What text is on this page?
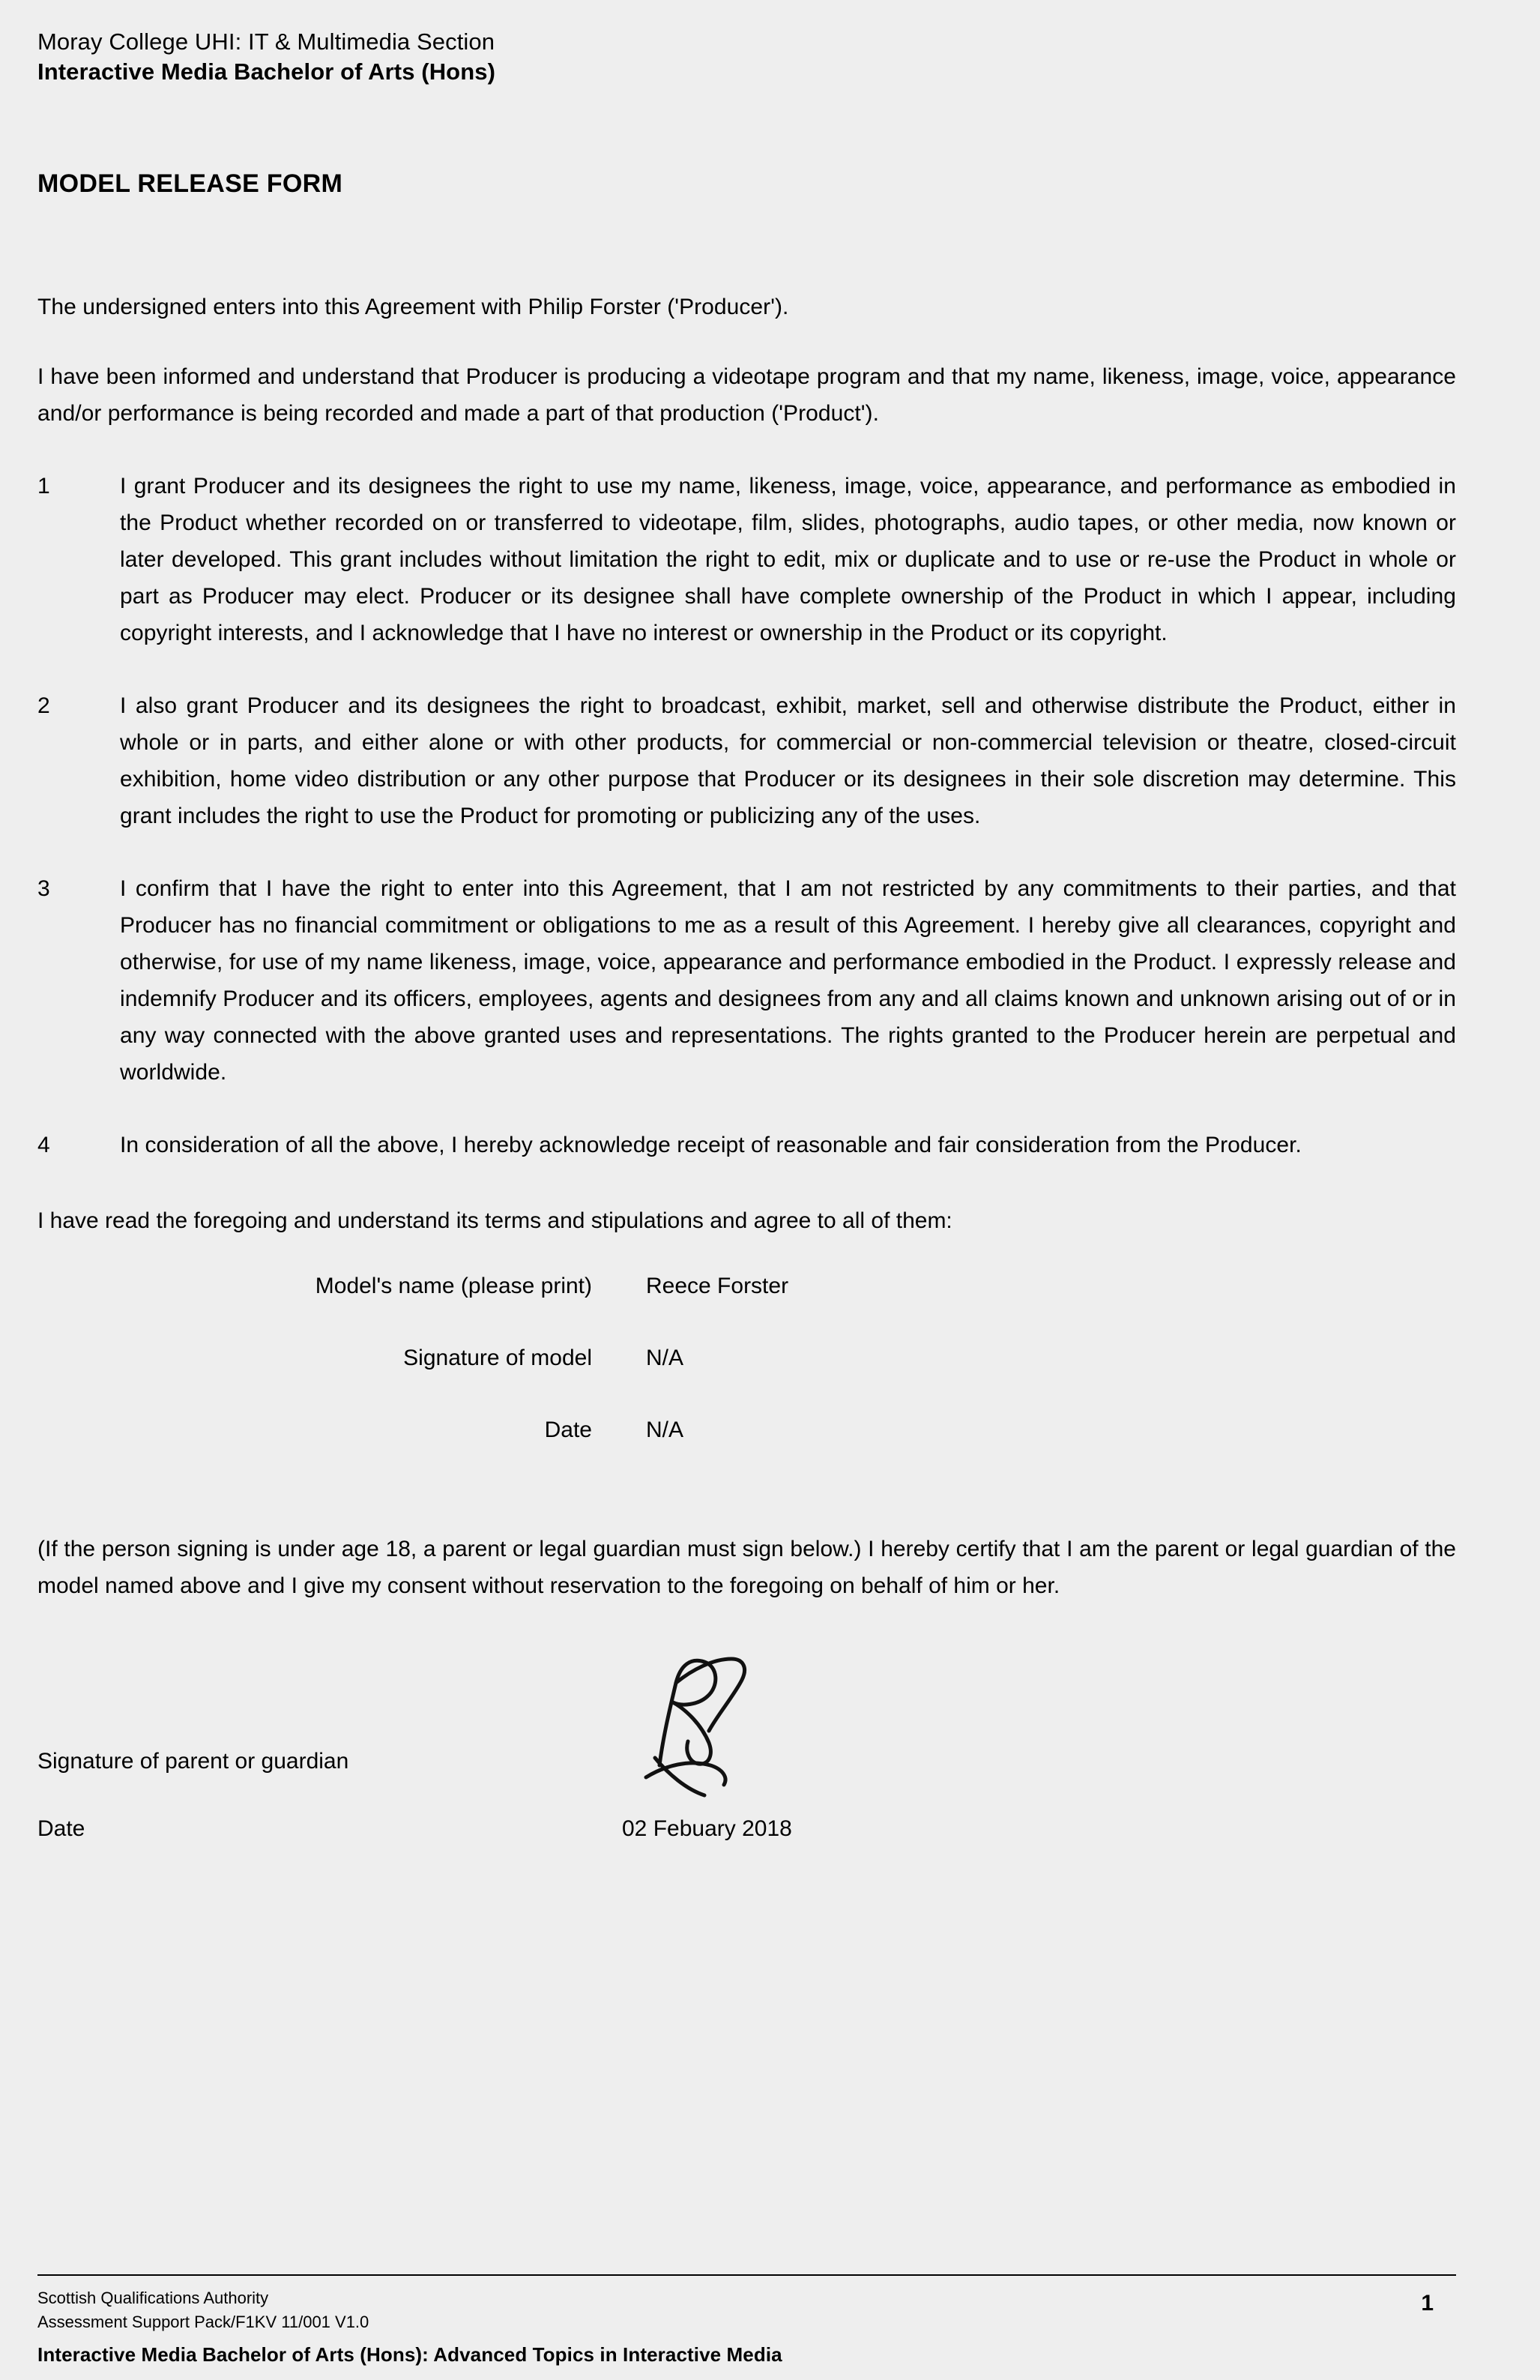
Moray College UHI: IT & Multimedia Section
Interactive Media Bachelor of Arts (Hons)
MODEL RELEASE FORM
The undersigned enters into this Agreement with Philip Forster ('Producer').
I have been informed and understand that Producer is producing a videotape program and that my name, likeness, image, voice, appearance and/or performance is being recorded and made a part of that production ('Product').
1	I grant Producer and its designees the right to use my name, likeness, image, voice, appearance, and performance as embodied in the Product whether recorded on or transferred to videotape, film, slides, photographs, audio tapes, or other media, now known or later developed. This grant includes without limitation the right to edit, mix or duplicate and to use or re-use the Product in whole or part as Producer may elect. Producer or its designee shall have complete ownership of the Product in which I appear, including copyright interests, and I acknowledge that I have no interest or ownership in the Product or its copyright.
2	I also grant Producer and its designees the right to broadcast, exhibit, market, sell and otherwise distribute the Product, either in whole or in parts, and either alone or with other products, for commercial or non-commercial television or theatre, closed-circuit exhibition, home video distribution or any other purpose that Producer or its designees in their sole discretion may determine. This grant includes the right to use the Product for promoting or publicizing any of the uses.
3	I confirm that I have the right to enter into this Agreement, that I am not restricted by any commitments to their parties, and that Producer has no financial commitment or obligations to me as a result of this Agreement. I hereby give all clearances, copyright and otherwise, for use of my name likeness, image, voice, appearance and performance embodied in the Product. I expressly release and indemnify Producer and its officers, employees, agents and designees from any and all claims known and unknown arising out of or in any way connected with the above granted uses and representations. The rights granted to the Producer herein are perpetual and worldwide.
4	In consideration of all the above, I hereby acknowledge receipt of reasonable and fair consideration from the Producer.
I have read the foregoing and understand its terms and stipulations and agree to all of them:
Model's name (please print)	Reece Forster
Signature of model	N/A
Date	N/A
(If the person signing is under age 18, a parent or legal guardian must sign below.) I hereby certify that I am the parent or legal guardian of the model named above and I give my consent without reservation to the foregoing on behalf of him or her.
Signature of parent or guardian
Date	02 Febuary 2018
Scottish Qualifications Authority
Assessment Support Pack/F1KV 11/001 V1.0
1
Interactive Media Bachelor of Arts (Hons): Advanced Topics in Interactive Media
